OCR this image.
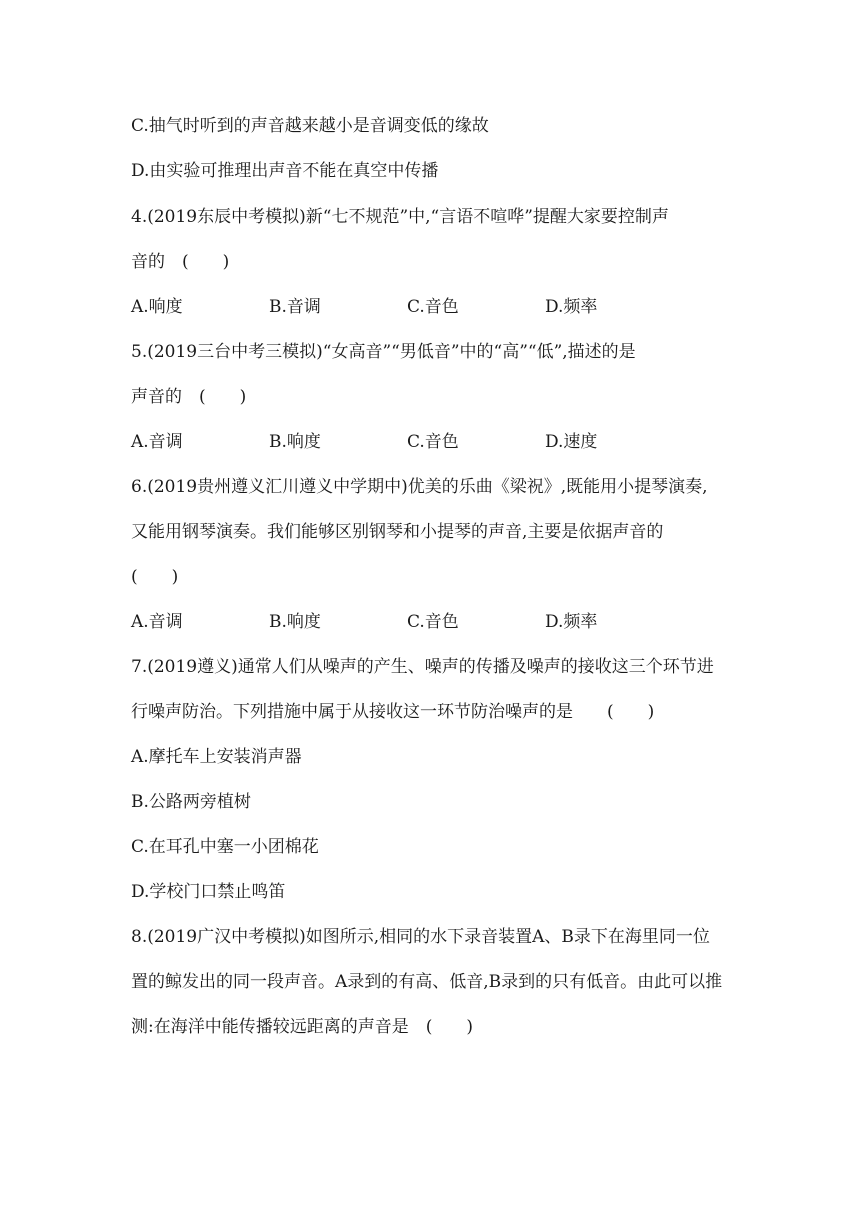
C.抽气时听到的声音越来越小是音调变低的缘故
D.由实验可推理出声音不能在真空中传播
4.(2019东辰中考模拟)新“七不规范”中,“言语不喧哗”提醒大家要控制声
音的　(　　)
A.响度	B.音调	C.音色	D.频率
5.(2019三台中考三模拟)“女高音”“男低音”中的“高”“低”,描述的是
声音的　(　　)
A.音调	B.响度	C.音色	D.速度
6.(2019贵州遵义汇川遵义中学期中)优美的乐曲《梁祝》,既能用小提琴演奏,
又能用钢琴演奏。我们能够区别钢琴和小提琴的声音,主要是依据声音的
(　　)
A.音调	B.响度	C.音色	D.频率
7.(2019遵义)通常人们从噪声的产生、噪声的传播及噪声的接收这三个环节进
行噪声防治。下列措施中属于从接收这一环节防治噪声的是　　(　　)
A.摩托车上安装消声器
B.公路两旁植树
C.在耳孔中塞一小团棉花
D.学校门口禁止鸣笛
8.(2019广汉中考模拟)如图所示,相同的水下录音装置A、B录下在海里同一位
置的鲸发出的同一段声音。A录到的有高、低音,B录到的只有低音。由此可以推
测:在海洋中能传播较远距离的声音是　(　　)
